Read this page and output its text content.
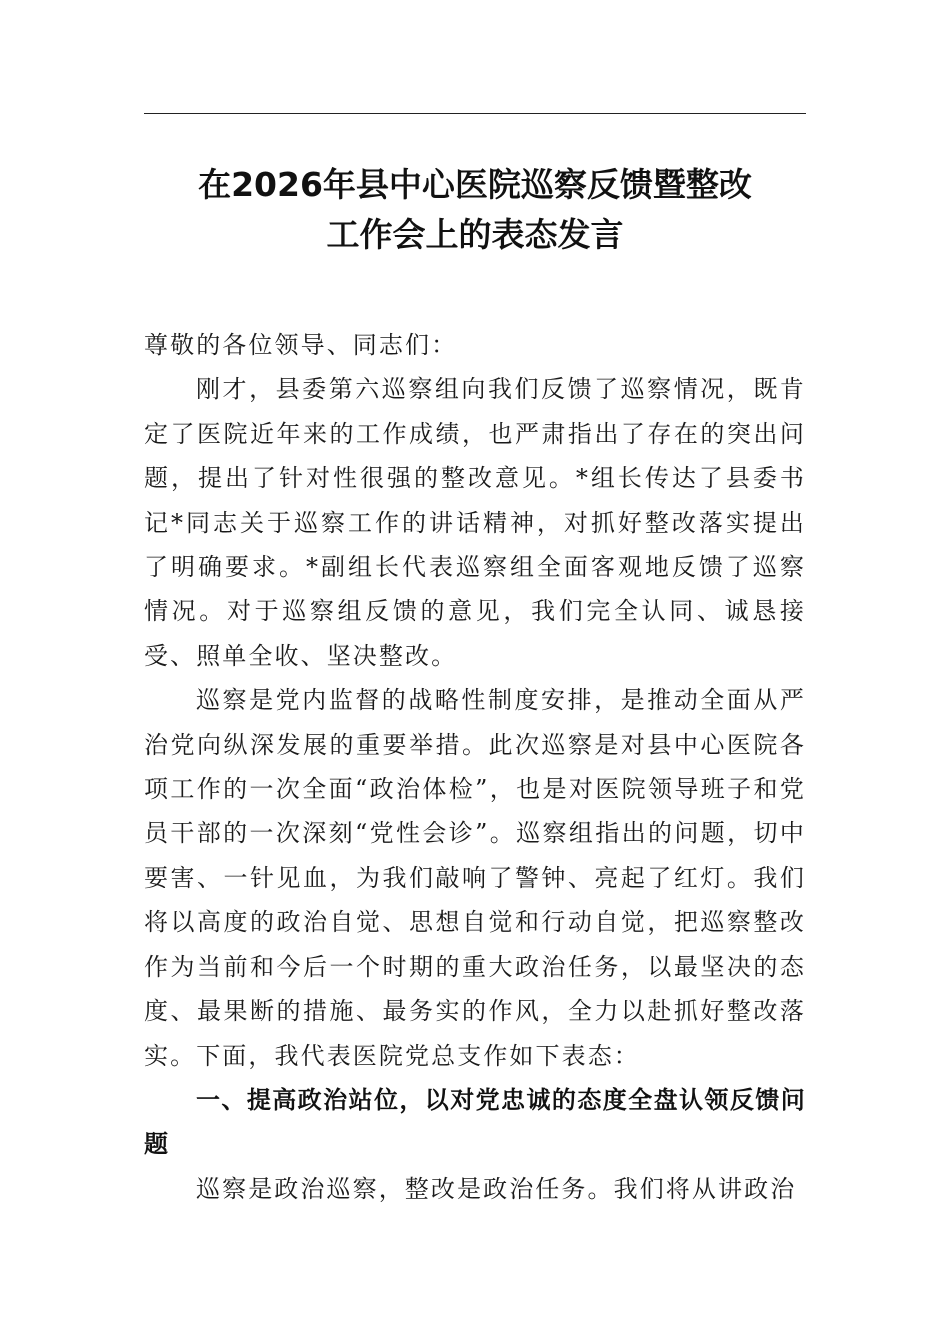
在2026年县中心医院巡察反馈暨整改
工作会上的表态发言

尊敬的各位领导、同志们：

刚才，县委第六巡察组向我们反馈了巡察情况，既肯定了医院近年来的工作成绩，也严肃指出了存在的突出问题，提出了针对性很强的整改意见。*组长传达了县委书记*同志关于巡察工作的讲话精神，对抓好整改落实提出了明确要求。*副组长代表巡察组全面客观地反馈了巡察情况。对于巡察组反馈的意见，我们完全认同、诚恳接受、照单全收、坚决整改。

巡察是党内监督的战略性制度安排，是推动全面从严治党向纵深发展的重要举措。此次巡察是对县中心医院各项工作的一次全面“政治体检”，也是对医院领导班子和党员干部的一次深刻“党性会诊”。巡察组指出的问题，切中要害、一针见血，为我们敲响了警钟、亮起了红灯。我们将以高度的政治自觉、思想自觉和行动自觉，把巡察整改作为当前和今后一个时期的重大政治任务，以最坚决的态度、最果断的措施、最务实的作风，全力以赴抓好整改落实。下面，我代表医院党总支作如下表态：

一、提高政治站位，以对党忠诚的态度全盘认领反馈问题

巡察是政治巡察，整改是政治任务。我们将从讲政治
